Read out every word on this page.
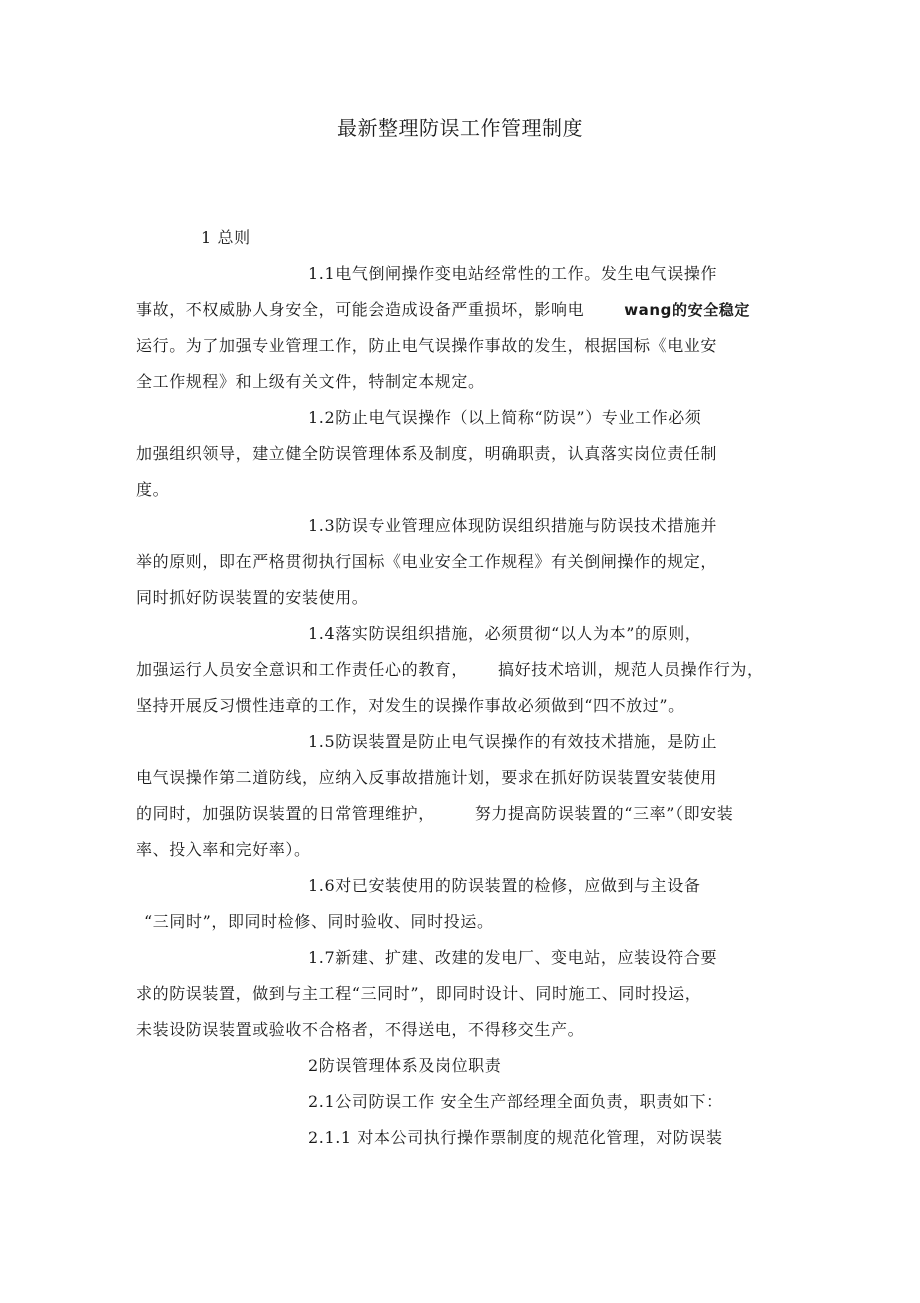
最新整理防误工作管理制度
1 总则
1.1电气倒闸操作变电站经常性的工作。发生电气误操作
事故，不权威胁人身安全，可能会造成设备严重损坏，影响电	wang的安全稳定
运行。为了加强专业管理工作，防止电气误操作事故的发生，根据国标《电业安
全工作规程》和上级有关文件，特制定本规定。
1.2防止电气误操作（以上简称“防误”）专业工作必须
加强组织领导，建立健全防误管理体系及制度，明确职责，认真落实岗位责任制
度。
1.3防误专业管理应体现防误组织措施与防误技术措施并
举的原则，即在严格贯彻执行国标《电业安全工作规程》有关倒闸操作的规定，
同时抓好防误装置的安装使用。
1.4落实防误组织措施，必须贯彻“以人为本”的原则，
加强运行人员安全意识和工作责任心的教育， 搞好技术培训，规范人员操作行为，
坚持开展反习惯性违章的工作，对发生的误操作事故必须做到“四不放过”。
1.5防误装置是防止电气误操作的有效技术措施，是防止
电气误操作第二道防线，应纳入反事故措施计划，要求在抓好防误装置安装使用
的同时，加强防误装置的日常管理维护，	努力提高防误装置的“三率”（即安装
率、投入率和完好率）。
1.6对已安装使用的防误装置的检修，应做到与主设备
“三同时”，即同时检修、同时验收、同时投运。
1.7新建、扩建、改建的发电厂、变电站，应装设符合要
求的防误装置，做到与主工程“三同时”，即同时设计、同时施工、同时投运，
未装设防误装置或验收不合格者，不得送电，不得移交生产。
2防误管理体系及岗位职责
2.1公司防误工作 安全生产部经理全面负责，职责如下：
2.1.1 对本公司执行操作票制度的规范化管理，对防误装
